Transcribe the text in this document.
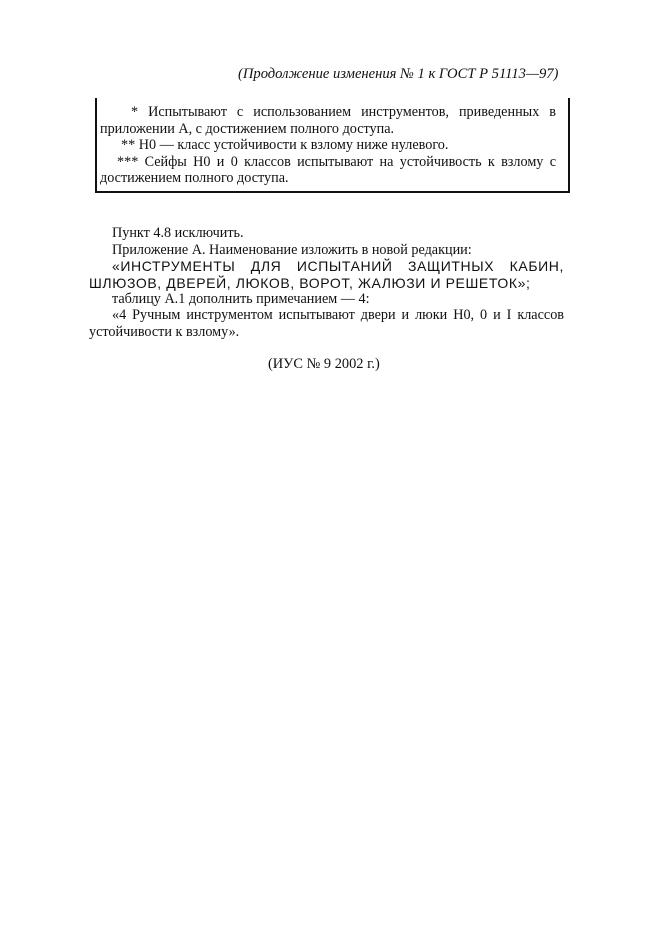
(Продолжение изменения № 1 к ГОСТ Р 51113—97)
* Испытывают с использованием инструментов, приведенных в
приложении А, с достижением полного доступа.
** Н0 — класс устойчивости к взлому ниже нулевого.
*** Сейфы Н0 и 0 классов испытывают на устойчивость к взлому с
достижением полного доступа.
Пункт 4.8 исключить.
Приложение А. Наименование изложить в новой редакции:
«ИНСТРУМЕНТЫ ДЛЯ ИСПЫТАНИЙ ЗАЩИТНЫХ КАБИН,
ШЛЮЗОВ, ДВЕРЕЙ, ЛЮКОВ, ВОРОТ, ЖАЛЮЗИ И РЕШЕТОК»;
таблицу А.1 дополнить примечанием — 4:
«4 Ручным инструментом испытывают двери и люки Н0, 0 и I классов
устойчивости к взлому».
(ИУС № 9 2002 г.)
